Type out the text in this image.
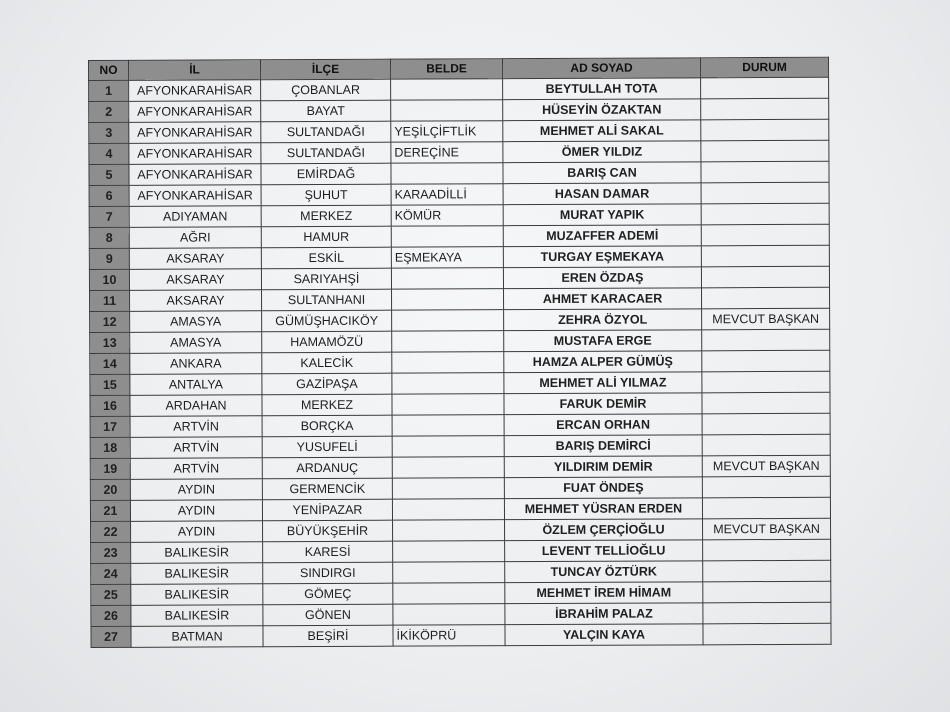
NO	İL	İLÇE	BELDE	AD SOYAD	DURUM
1	AFYONKARAHİSAR	ÇOBANLAR		BEYTULLAH TOTA	
2	AFYONKARAHİSAR	BAYAT		HÜSEYİN ÖZAKTAN	
3	AFYONKARAHİSAR	SULTANDAĞI	YEŞİLÇİFTLİK	MEHMET ALİ SAKAL	
4	AFYONKARAHİSAR	SULTANDAĞI	DEREÇİNE	ÖMER YILDIZ	
5	AFYONKARAHİSAR	EMİRDAĞ		BARIŞ CAN	
6	AFYONKARAHİSAR	ŞUHUT	KARAADİLLİ	HASAN DAMAR	
7	ADIYAMAN	MERKEZ	KÖMÜR	MURAT YAPIK	
8	AĞRI	HAMUR		MUZAFFER ADEMİ	
9	AKSARAY	ESKİL	EŞMEKAYA	TURGAY EŞMEKAYA	
10	AKSARAY	SARIYAHŞİ		EREN ÖZDAŞ	
11	AKSARAY	SULTANHANI		AHMET KARACAER	
12	AMASYA	GÜMÜŞHACIKÖY		ZEHRA ÖZYOL	MEVCUT BAŞKAN
13	AMASYA	HAMAMÖZÜ		MUSTAFA ERGE	
14	ANKARA	KALECİK		HAMZA ALPER GÜMÜŞ	
15	ANTALYA	GAZİPAŞA		MEHMET ALİ YILMAZ	
16	ARDAHAN	MERKEZ		FARUK DEMİR	
17	ARTVİN	BORÇKA		ERCAN ORHAN	
18	ARTVİN	YUSUFELİ		BARIŞ DEMİRCİ	
19	ARTVİN	ARDANUÇ		YILDIRIM DEMİR	MEVCUT BAŞKAN
20	AYDIN	GERMENCİK		FUAT ÖNDEŞ	
21	AYDIN	YENİPAZAR		MEHMET YÜSRAN ERDEN	
22	AYDIN	BÜYÜKŞEHİR		ÖZLEM ÇERÇİOĞLU	MEVCUT BAŞKAN
23	BALIKESİR	KARESİ		LEVENT TELLİOĞLU	
24	BALIKESİR	SINDIRGI		TUNCAY ÖZTÜRK	
25	BALIKESİR	GÖMEÇ		MEHMET İREM HİMAM	
26	BALIKESİR	GÖNEN		İBRAHİM PALAZ	
27	BATMAN	BEŞİRİ	İKİKÖPRÜ	YALÇIN KAYA	
